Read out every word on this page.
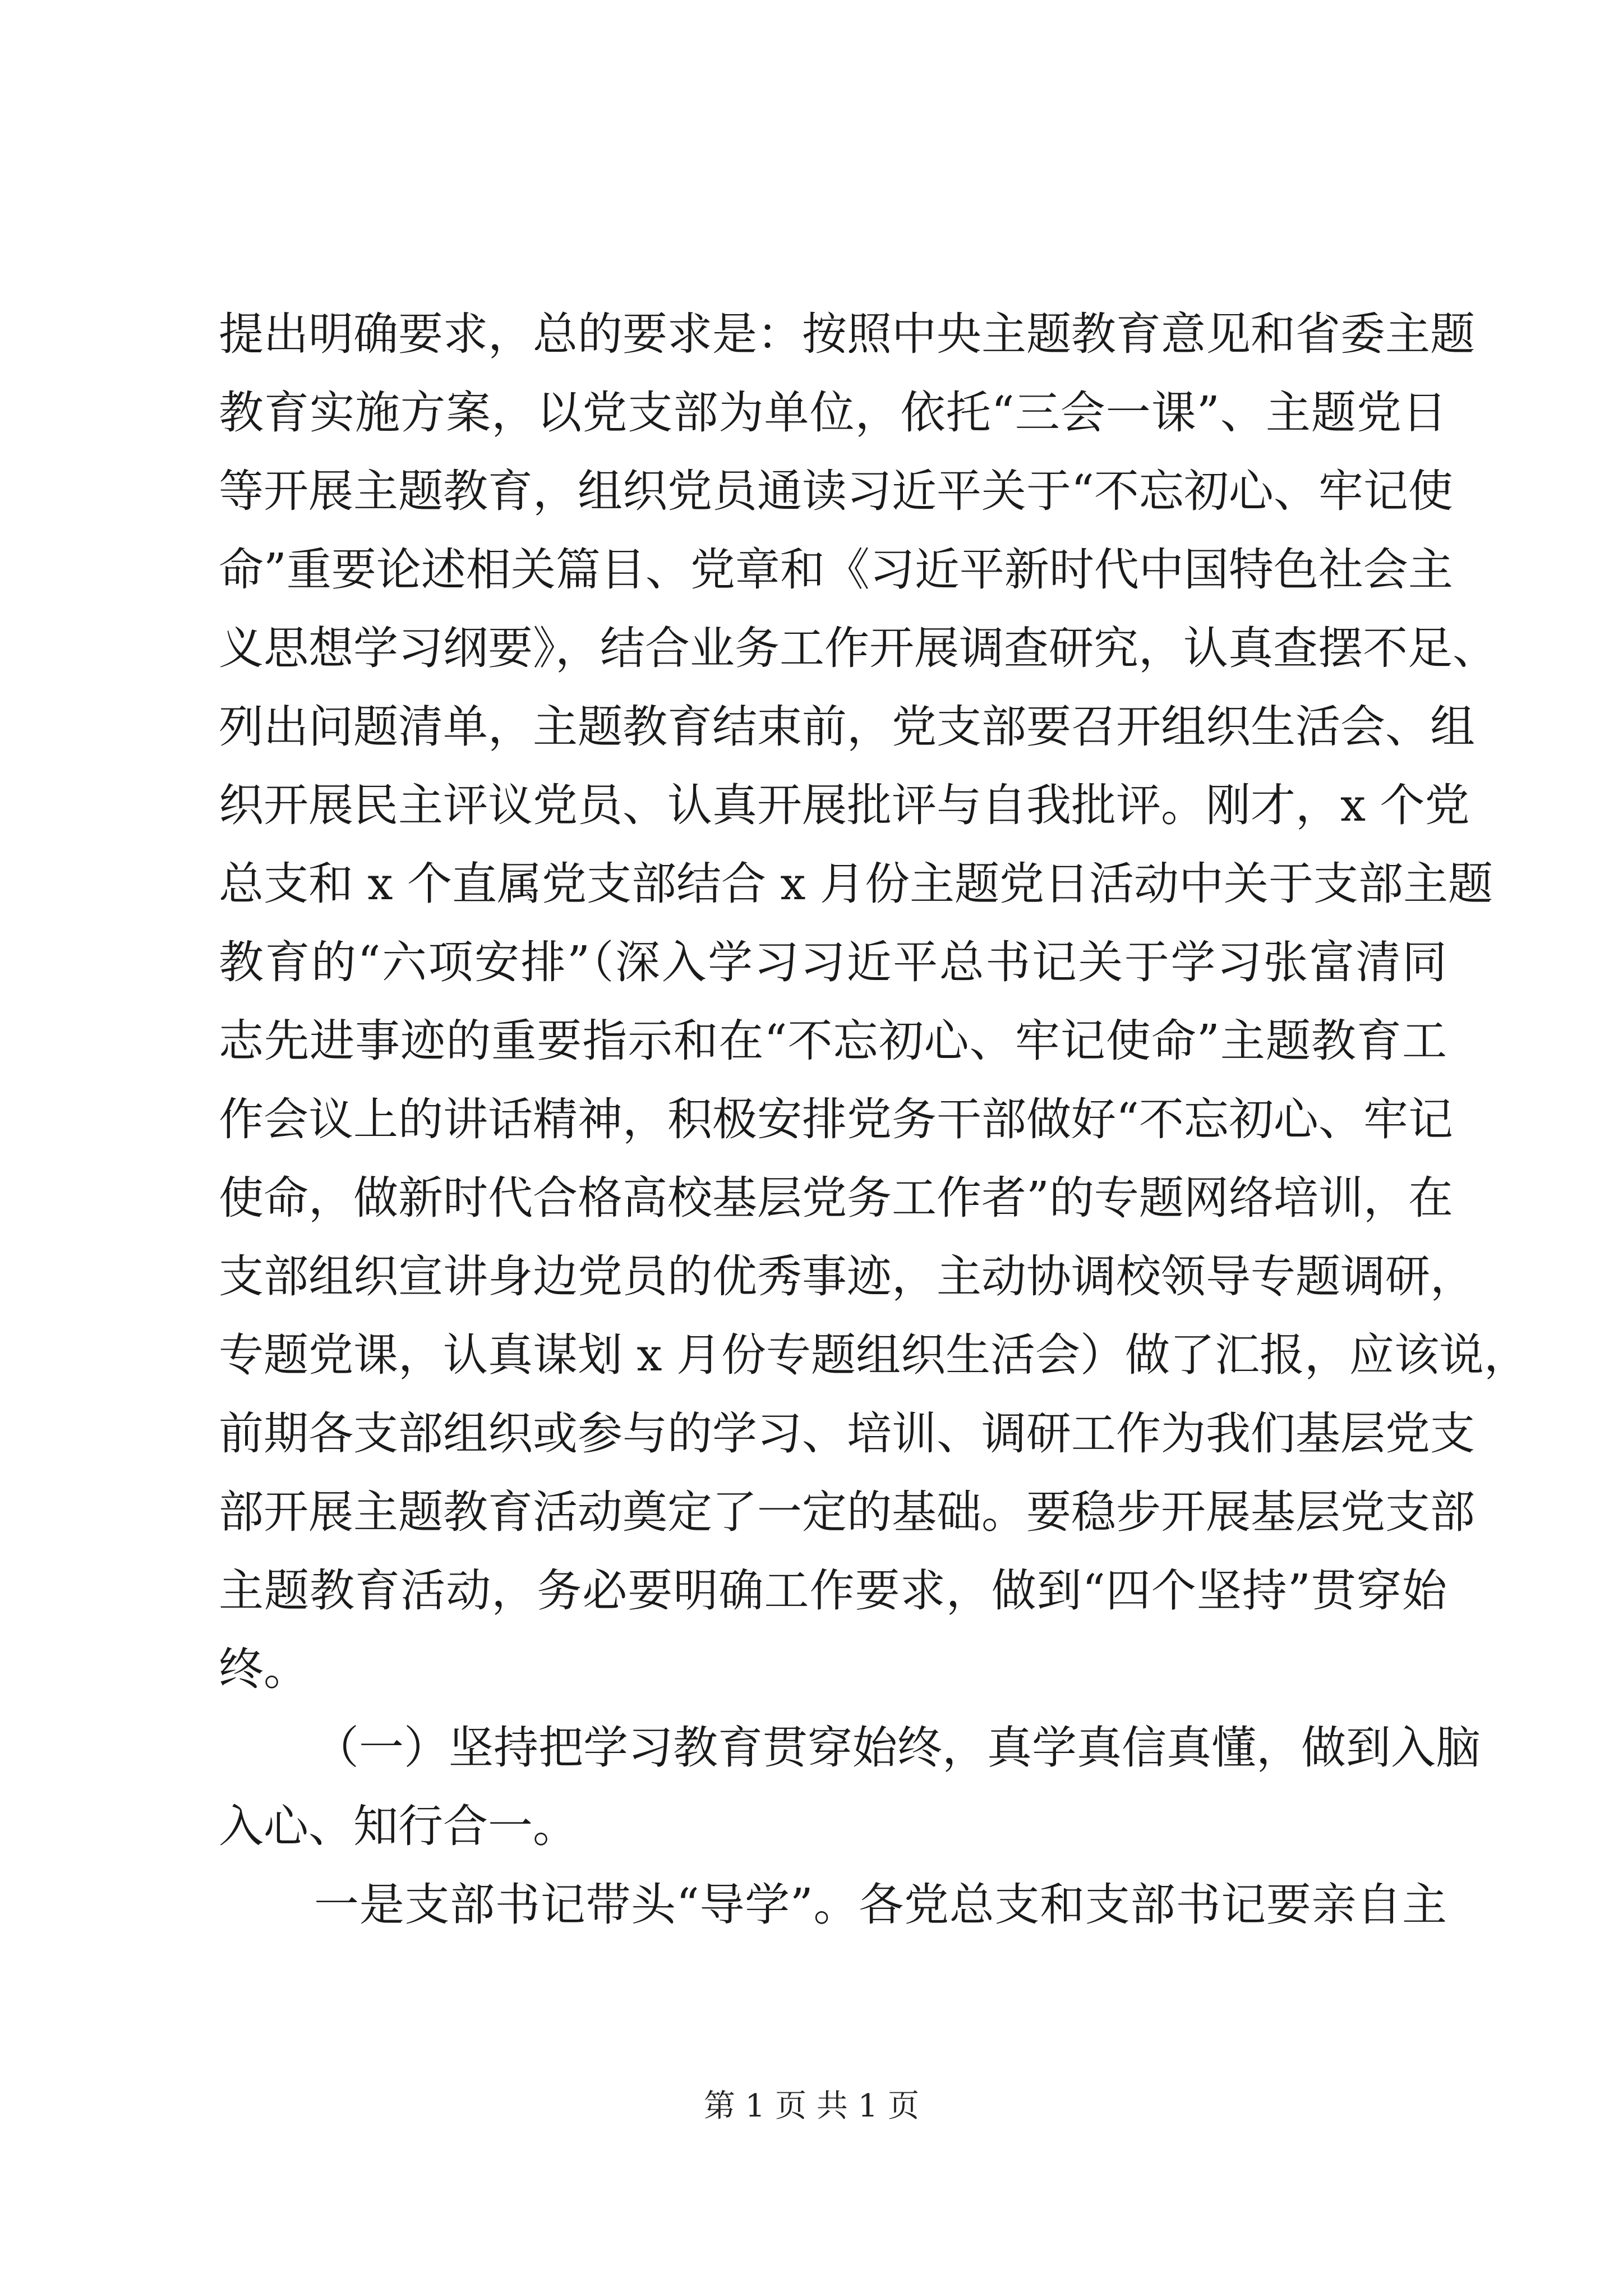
提出明确要求，总的要求是：按照中央主题教育意见和省委主题
教育实施方案，以党支部为单位，依托“三会一课”、主题党日
等开展主题教育，组织党员通读习近平关于“不忘初心、牢记使
命”重要论述相关篇目、党章和《习近平新时代中国特色社会主
义思想学习纲要》，结合业务工作开展调查研究，认真查摆不足、
列出问题清单，主题教育结束前，党支部要召开组织生活会、组
织开展民主评议党员、认真开展批评与自我批评。刚才，x 个党
总支和 x 个直属党支部结合 x 月份主题党日活动中关于支部主题
教育的“六项安排”（深入学习习近平总书记关于学习张富清同
志先进事迹的重要指示和在“不忘初心、牢记使命”主题教育工
作会议上的讲话精神，积极安排党务干部做好“不忘初心、牢记
使命，做新时代合格高校基层党务工作者”的专题网络培训，在
支部组织宣讲身边党员的优秀事迹，主动协调校领导专题调研，
专题党课，认真谋划 x 月份专题组织生活会）做了汇报，应该说，
前期各支部组织或参与的学习、培训、调研工作为我们基层党支
部开展主题教育活动奠定了一定的基础。要稳步开展基层党支部
主题教育活动，务必要明确工作要求，做到“四个坚持”贯穿始
终。
（一）坚持把学习教育贯穿始终，真学真信真懂，做到入脑
入心、知行合一。
一是支部书记带头“导学”。各党总支和支部书记要亲自主
第 1 页 共 1 页
